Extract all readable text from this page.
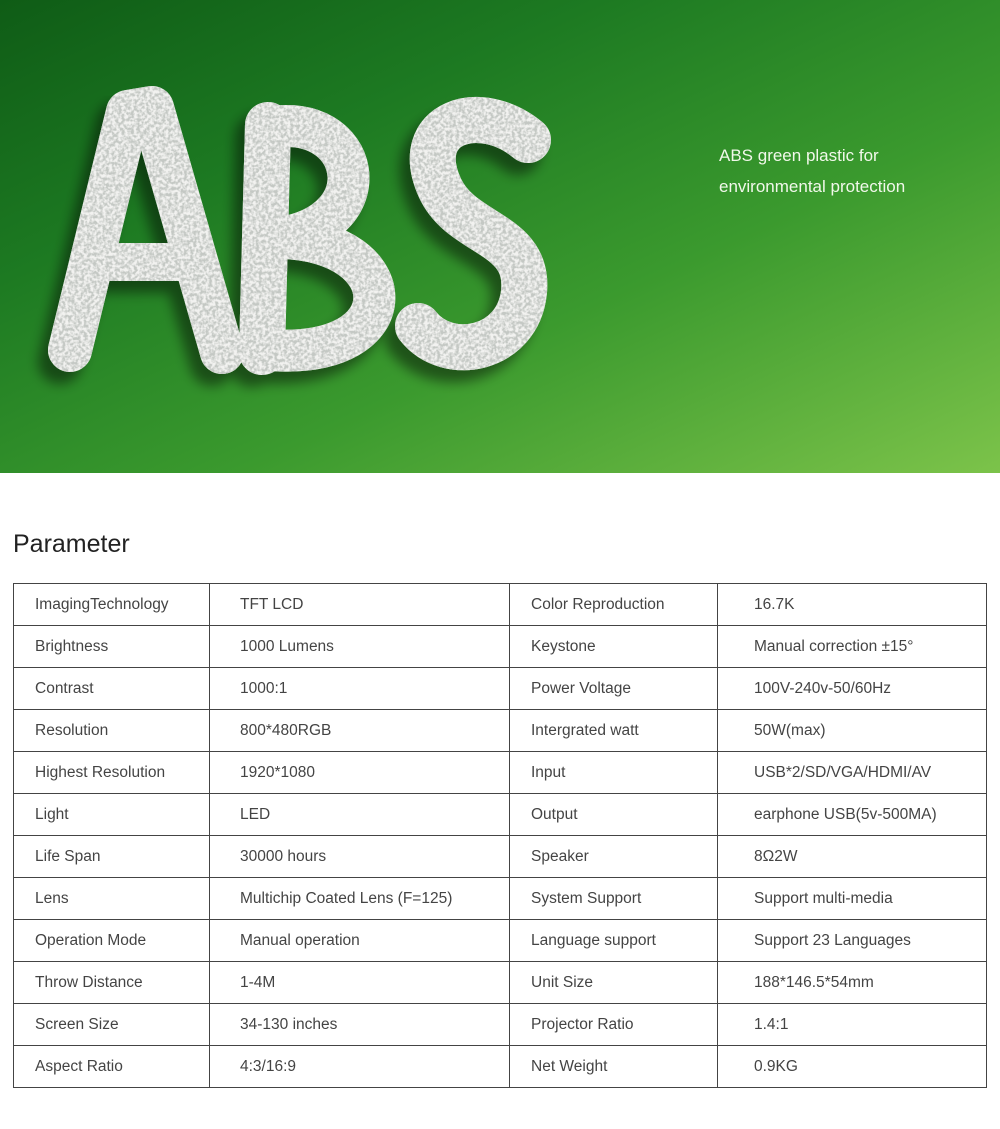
ABS green plastic for
environmental protection
Parameter
ImagingTechnology	TFT LCD	Color Reproduction	16.7K
Brightness	1000 Lumens	Keystone	Manual correction ±15°
Contrast	1000:1	Power Voltage	100V-240v-50/60Hz
Resolution	800*480RGB	Intergrated watt	50W(max)
Highest Resolution	1920*1080	Input	USB*2/SD/VGA/HDMI/AV
Light	LED	Output	earphone USB(5v-500MA)
Life Span	30000 hours	Speaker	8Ω2W
Lens	Multichip Coated Lens (F=125)	System Support	Support multi-media
Operation Mode	Manual operation	Language support	Support 23 Languages
Throw Distance	1-4M	Unit Size	188*146.5*54mm
Screen Size	34-130 inches	Projector Ratio	1.4:1
Aspect Ratio	4:3/16:9	Net Weight	0.9KG
